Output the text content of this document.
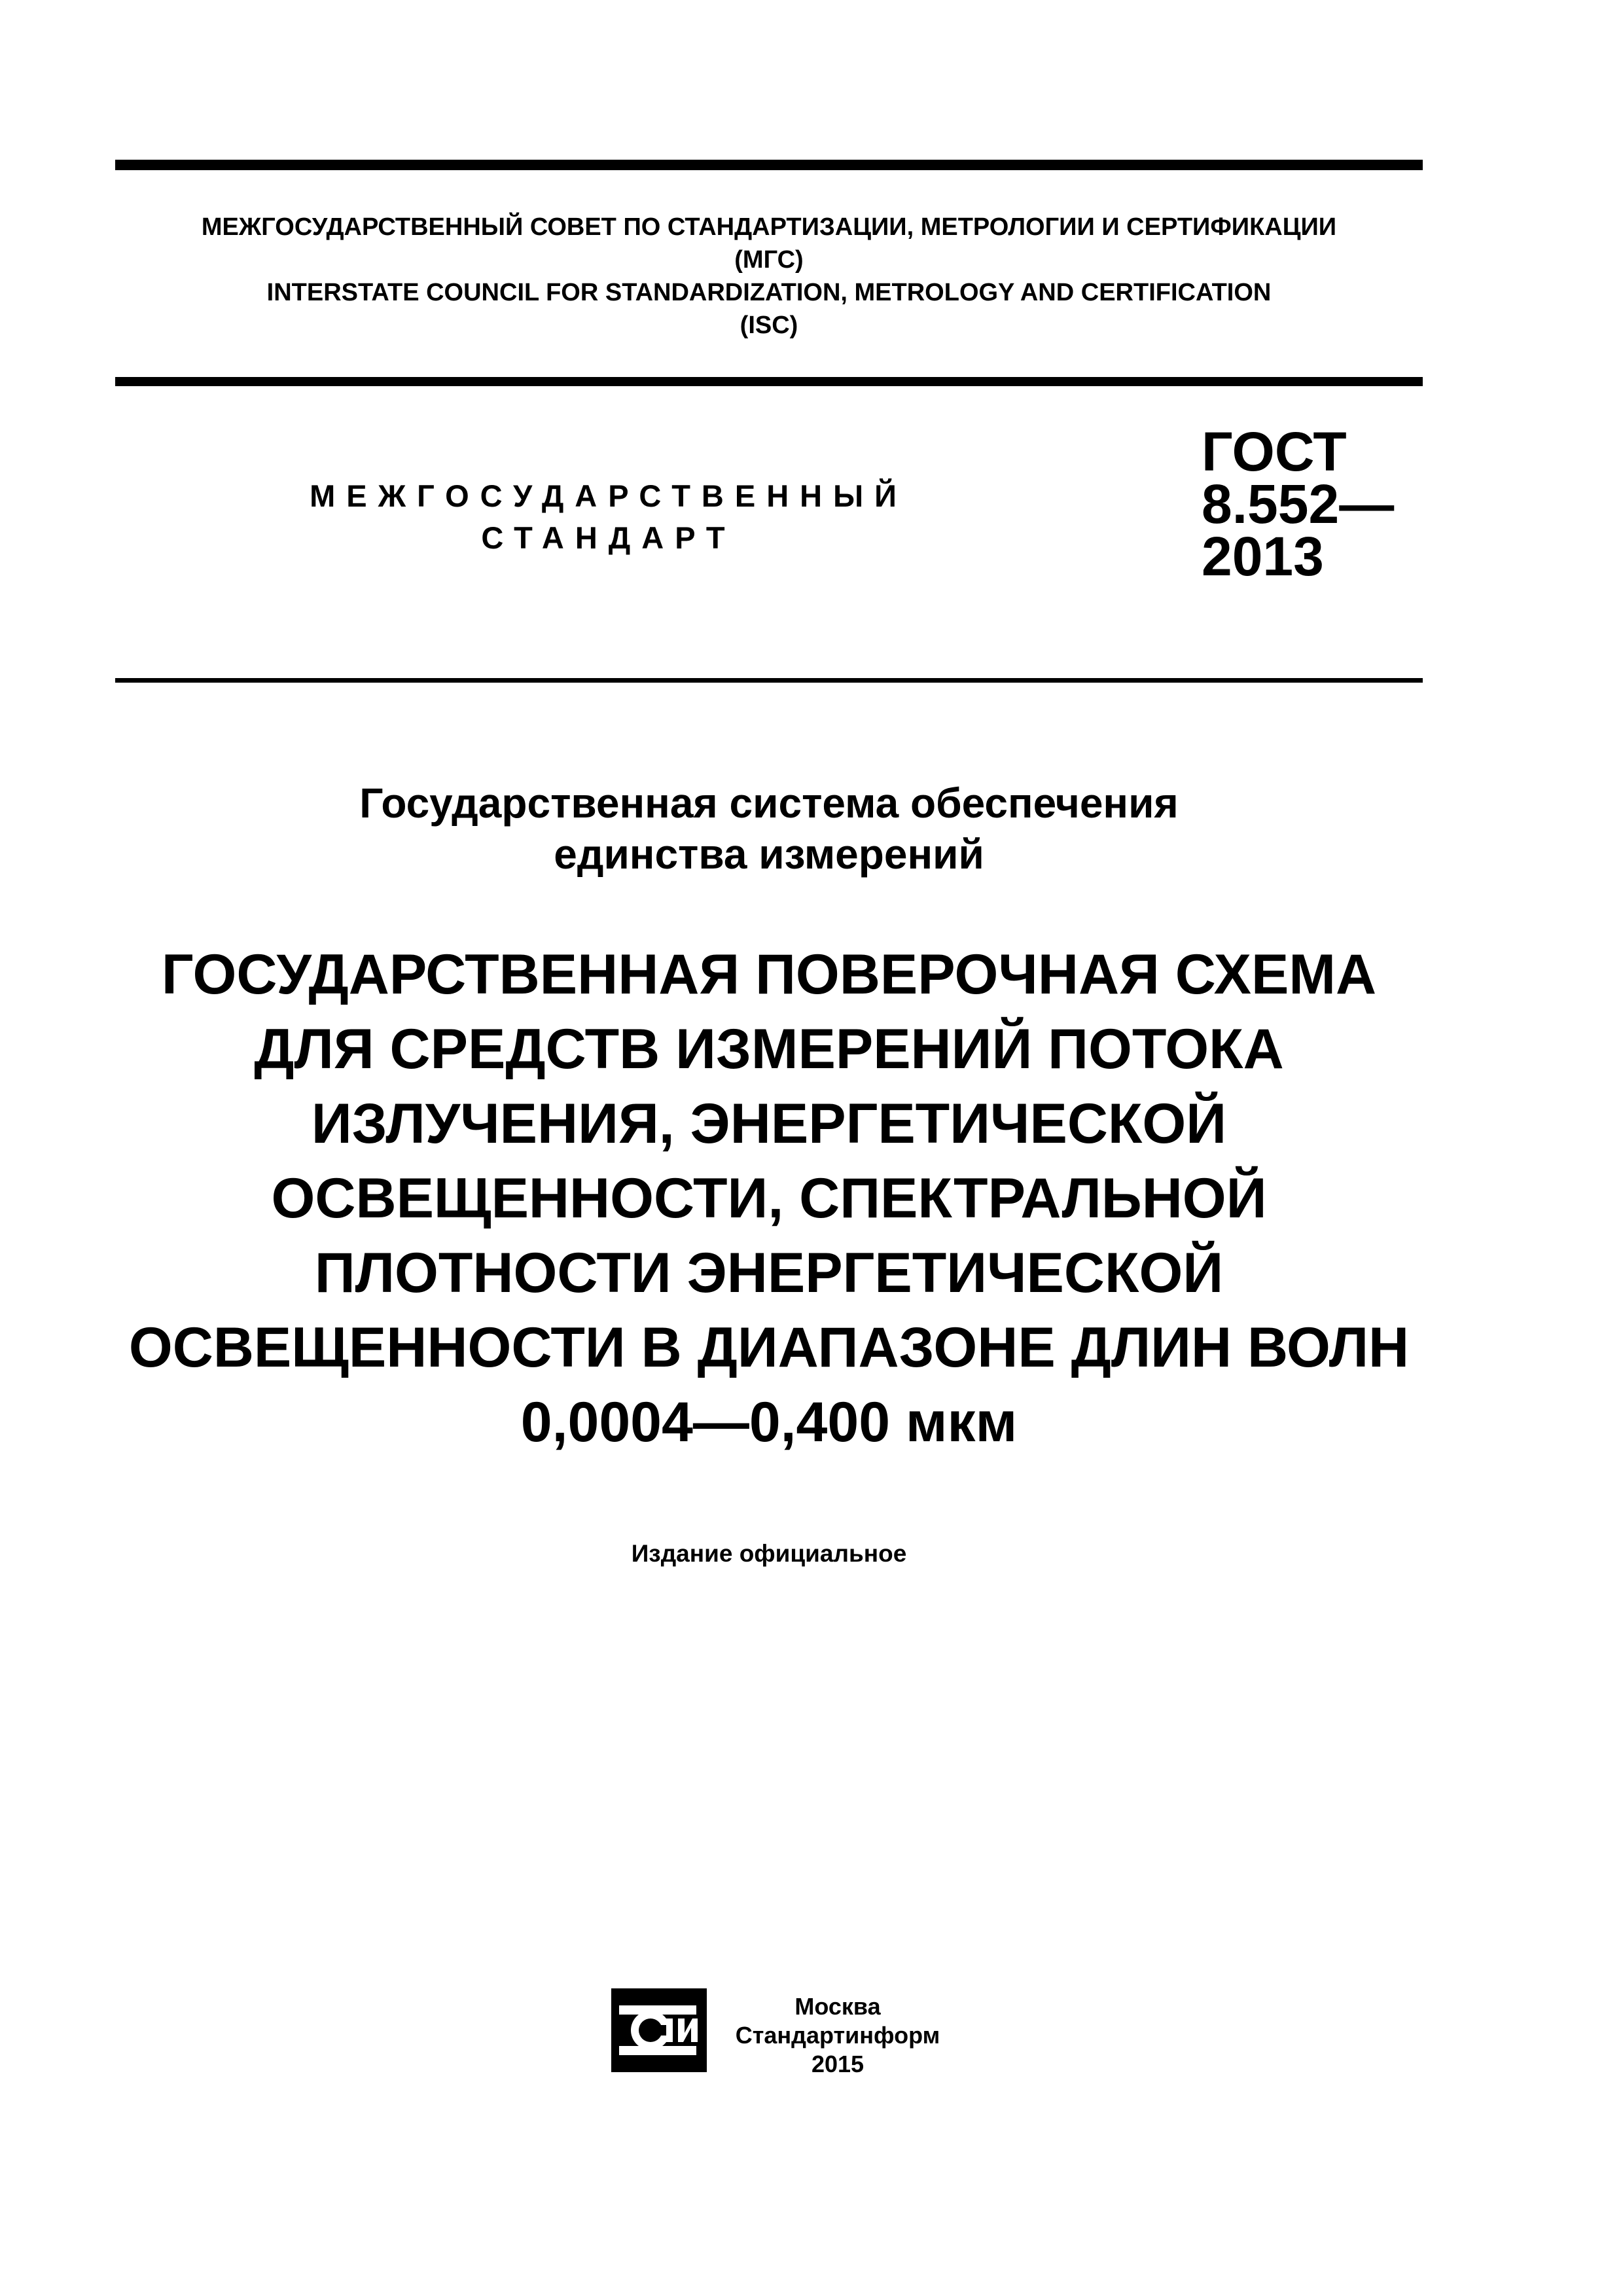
МЕЖГОСУДАРСТВЕННЫЙ СОВЕТ ПО СТАНДАРТИЗАЦИИ, МЕТРОЛОГИИ И СЕРТИФИКАЦИИ
(МГС)
INTERSTATE COUNCIL FOR STANDARDIZATION, METROLOGY AND CERTIFICATION
(ISC)
МЕЖГОСУДАРСТВЕННЫЙ
СТАНДАРТ
ГОСТ
8.552—
2013
Государственная система обеспечения
единства измерений
ГОСУДАРСТВЕННАЯ ПОВЕРОЧНАЯ СХЕМА
ДЛЯ СРЕДСТВ ИЗМЕРЕНИЙ ПОТОКА
ИЗЛУЧЕНИЯ, ЭНЕРГЕТИЧЕСКОЙ
ОСВЕЩЕННОСТИ, СПЕКТРАЛЬНОЙ
ПЛОТНОСТИ ЭНЕРГЕТИЧЕСКОЙ
ОСВЕЩЕННОСТИ В ДИАПАЗОНЕ ДЛИН ВОЛН
0,0004—0,400 мкм
Издание официальное
Москва
Стандартинформ
2015
